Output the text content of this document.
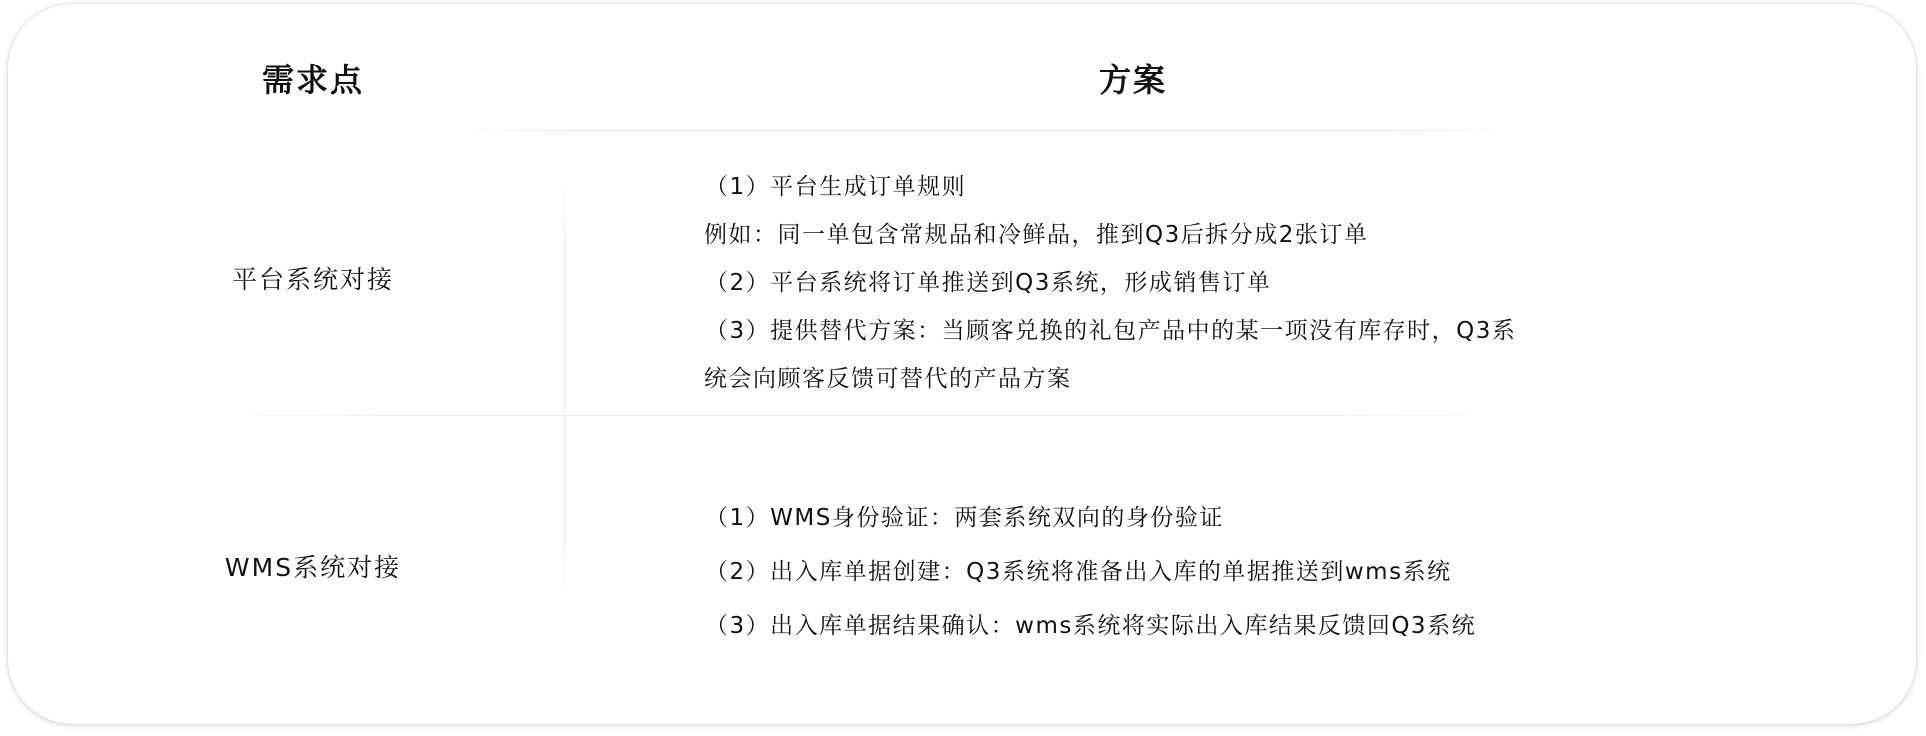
需求点	方案
平台系统对接
（1）平台生成订单规则
例如：同一单包含常规品和冷鲜品，推到Q3后拆分成2张订单
（2）平台系统将订单推送到Q3系统，形成销售订单
（3）提供替代方案：当顾客兑换的礼包产品中的某一项没有库存时，Q3系
统会向顾客反馈可替代的产品方案
WMS系统对接
（1）WMS身份验证：两套系统双向的身份验证
（2）出入库单据创建：Q3系统将准备出入库的单据推送到wms系统
（3）出入库单据结果确认：wms系统将实际出入库结果反馈回Q3系统
